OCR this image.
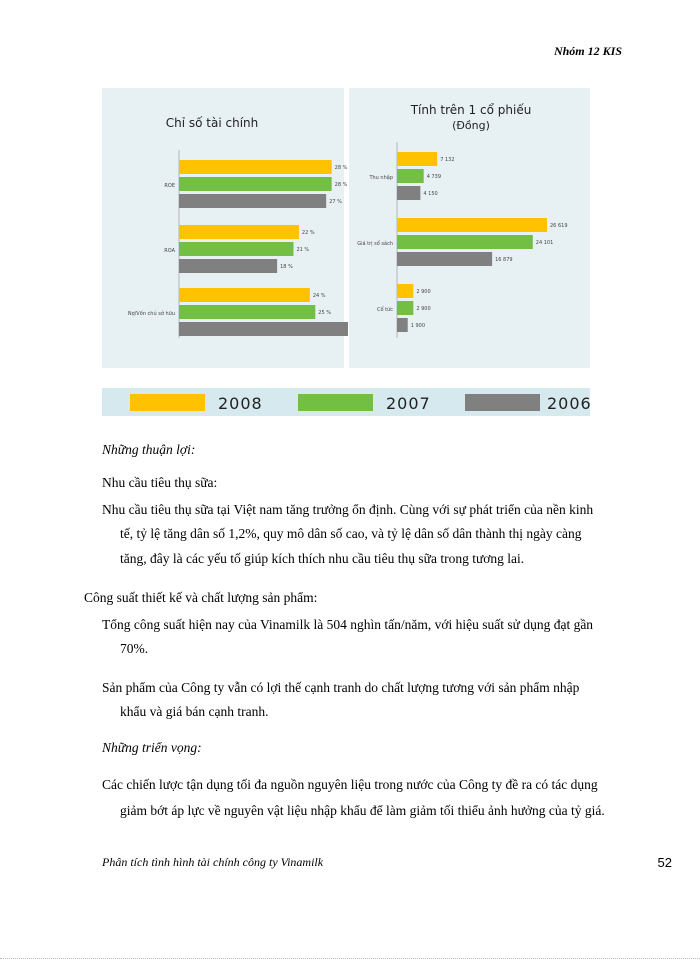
Nhóm 12 KIS
Chỉ số tài chính
ROE
28 %
28 %
27 %
ROA
22 %
21 %
18 %
Nợ/Vốn chủ sở hữu
24 %
25 %
Tính trên 1 cổ phiếu
(Đồng)
Thu nhập
7 132
4 739
4 150
Giá trị sổ sách
26 619
24 101
16 879
Cổ tức
2 900
2 900
1 900
2008	2007	2006
Những thuận lợi:
Nhu cầu tiêu thụ sữa:
Nhu cầu tiêu thụ sữa tại Việt nam tăng trưởng ổn định. Cùng với sự phát triển của nền kinh
tế, tỷ lệ tăng dân số 1,2%, quy mô dân số cao, và tỷ lệ dân số dân thành thị ngày càng
tăng, đây là các yếu tố giúp kích thích nhu cầu tiêu thụ sữa trong tương lai.
Công suất thiết kế và chất lượng sản phẩm:
Tổng công suất hiện nay của Vinamilk là 504 nghìn tấn/năm, với hiệu suất sử dụng đạt gần
70%.
Sản phẩm của Công ty vẫn có lợi thế cạnh tranh do chất lượng tương với sản phẩm nhập
khẩu và giá bán cạnh tranh.
Những triển vọng:
Các chiến lược tận dụng tối đa nguồn nguyên liệu trong nước của Công ty đề ra có tác dụng
giảm bớt áp lực về nguyên vật liệu nhập khẩu để làm giảm tối thiểu ảnh hưởng của tỷ giá.
Phân tích tình hình tài chính công ty Vinamilk	52
